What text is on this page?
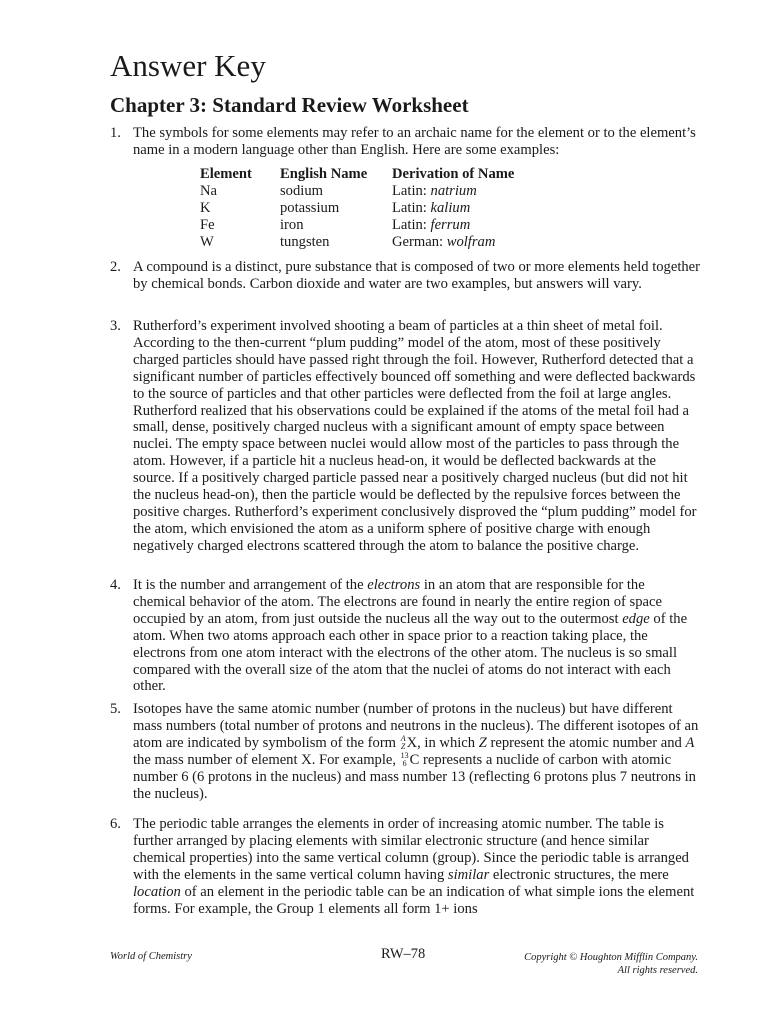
Answer Key
Chapter 3: Standard Review Worksheet
1. The symbols for some elements may refer to an archaic name for the element or to the element’s name in a modern language other than English. Here are some examples:
Element	English Name	Derivation of Name
Na	sodium	Latin: natrium
K	potassium	Latin: kalium
Fe	iron	Latin: ferrum
W	tungsten	German: wolfram
2. A compound is a distinct, pure substance that is composed of two or more elements held together by chemical bonds. Carbon dioxide and water are two examples, but answers will vary.
3. Rutherford’s experiment involved shooting a beam of particles at a thin sheet of metal foil. According to the then-current “plum pudding” model of the atom, most of these positively charged particles should have passed right through the foil. However, Rutherford detected that a significant number of particles effectively bounced off something and were deflected backwards to the source of particles and that other particles were deflected from the foil at large angles. Rutherford realized that his observations could be explained if the atoms of the metal foil had a small, dense, positively charged nucleus with a significant amount of empty space between nuclei. The empty space between nuclei would allow most of the particles to pass through the atom. However, if a particle hit a nucleus head-on, it would be deflected backwards at the source. If a positively charged particle passed near a positively charged nucleus (but did not hit the nucleus head-on), then the particle would be deflected by the repulsive forces between the positive charges. Rutherford’s experiment conclusively disproved the “plum pudding” model for the atom, which envisioned the atom as a uniform sphere of positive charge with enough negatively charged electrons scattered through the atom to balance the positive charge.
4. It is the number and arrangement of the electrons in an atom that are responsible for the chemical behavior of the atom. The electrons are found in nearly the entire region of space occupied by an atom, from just outside the nucleus all the way out to the outermost edge of the atom. When two atoms approach each other in space prior to a reaction taking place, the electrons from one atom interact with the electrons of the other atom. The nucleus is so small compared with the overall size of the atom that the nuclei of atoms do not interact with each other.
5. Isotopes have the same atomic number (number of protons in the nucleus) but have different mass numbers (total number of protons and neutrons in the nucleus). The different isotopes of an atom are indicated by symbolism of the form A
Z X, in which Z represent the atomic number and A the mass number of element X. For example, 13
6 C represents a nuclide of carbon with atomic number 6 (6 protons in the nucleus) and mass number 13 (reflecting 6 protons plus 7 neutrons in the nucleus).
6. The periodic table arranges the elements in order of increasing atomic number. The table is further arranged by placing elements with similar electronic structure (and hence similar chemical properties) into the same vertical column (group). Since the periodic table is arranged with the elements in the same vertical column having similar electronic structures, the mere location of an element in the periodic table can be an indication of what simple ions the element forms. For example, the Group 1 elements all form 1+ ions
World of Chemistry	RW–78	Copyright © Houghton Mifflin Company.
All rights reserved.
